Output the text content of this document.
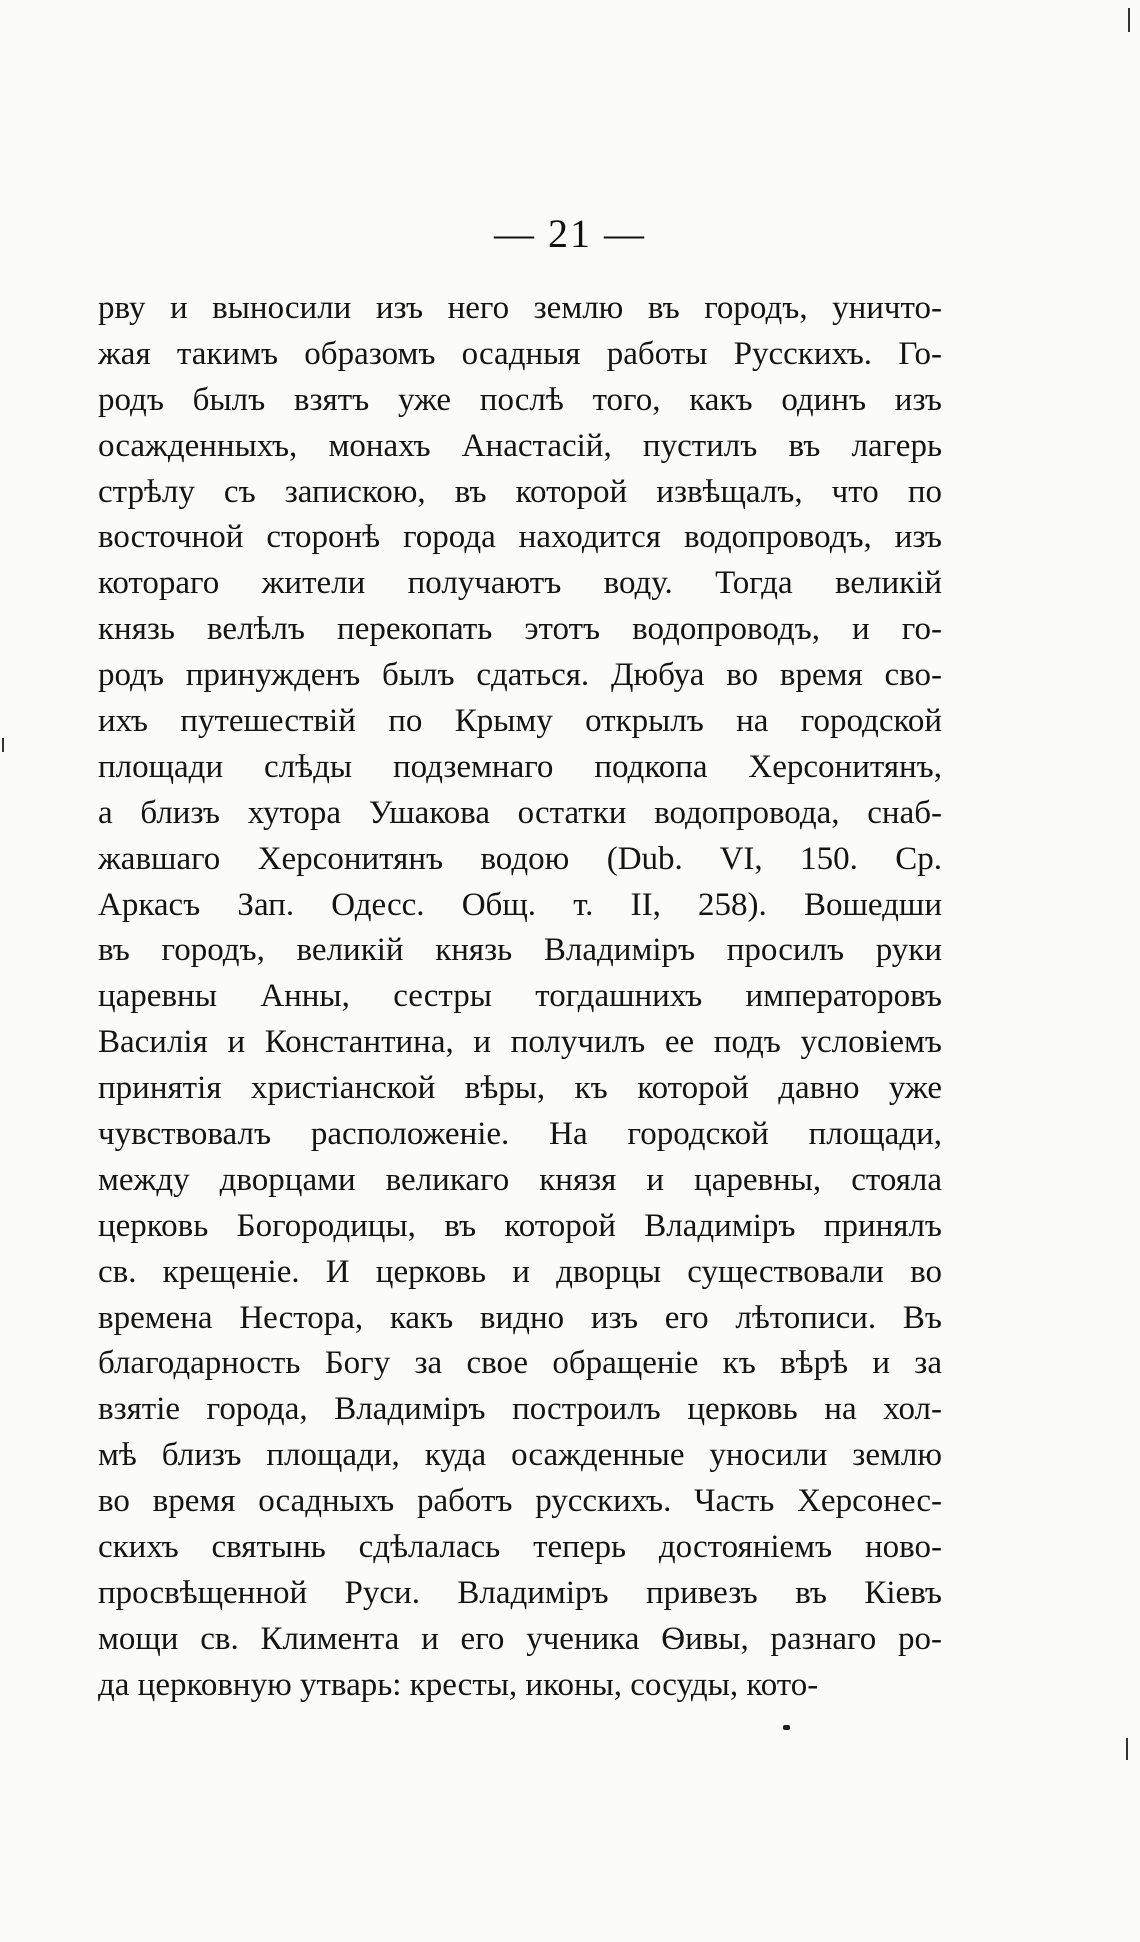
— 21 —
рву и выносили изъ него землю въ городъ, уничто-
жая такимъ образомъ осадныя работы Русскихъ. Го-
родъ былъ взятъ уже послѣ того, какъ одинъ изъ
осажденныхъ, монахъ Анастасій, пустилъ въ лагерь
стрѣлу съ запискою, въ которой извѣщалъ, что по
восточной сторонѣ города находится водопроводъ, изъ
котораго жители получаютъ воду. Тогда великій
князь велѣлъ перекопать этотъ водопроводъ, и го-
родъ принужденъ былъ сдаться. Дюбуа во время сво-
ихъ путешествій по Крыму открылъ на городской
площади слѣды подземнаго подкопа Херсонитянъ,
а близъ хутора Ушакова остатки водопровода, снаб-
жавшаго Херсонитянъ водою (Dub. VI, 150. Ср.
Аркасъ Зап. Одесс. Общ. т. II, 258). Вошедши
въ городъ, великій князь Владиміръ просилъ руки
царевны Анны, сестры тогдашнихъ императоровъ
Василія и Константина, и получилъ ее подъ условіемъ
принятія христіанской вѣры, къ которой давно уже
чувствовалъ расположеніе. На городской площади,
между дворцами великаго князя и царевны, стояла
церковь Богородицы, въ которой Владиміръ принялъ
св. крещеніе. И церковь и дворцы существовали во
времена Нестора, какъ видно изъ его лѣтописи. Въ
благодарность Богу за свое обращеніе къ вѣрѣ и за
взятіе города, Владиміръ построилъ церковь на хол-
мѣ близъ площади, куда осажденные уносили землю
во время осадныхъ работъ русскихъ. Часть Херсонес-
скихъ святынь сдѣлалась теперь достояніемъ ново-
просвѣщенной Руси. Владиміръ привезъ въ Кіевъ
мощи св. Климента и его ученика Ѳивы, разнаго ро-
да церковную утварь: кресты, иконы, сосуды, кото-
